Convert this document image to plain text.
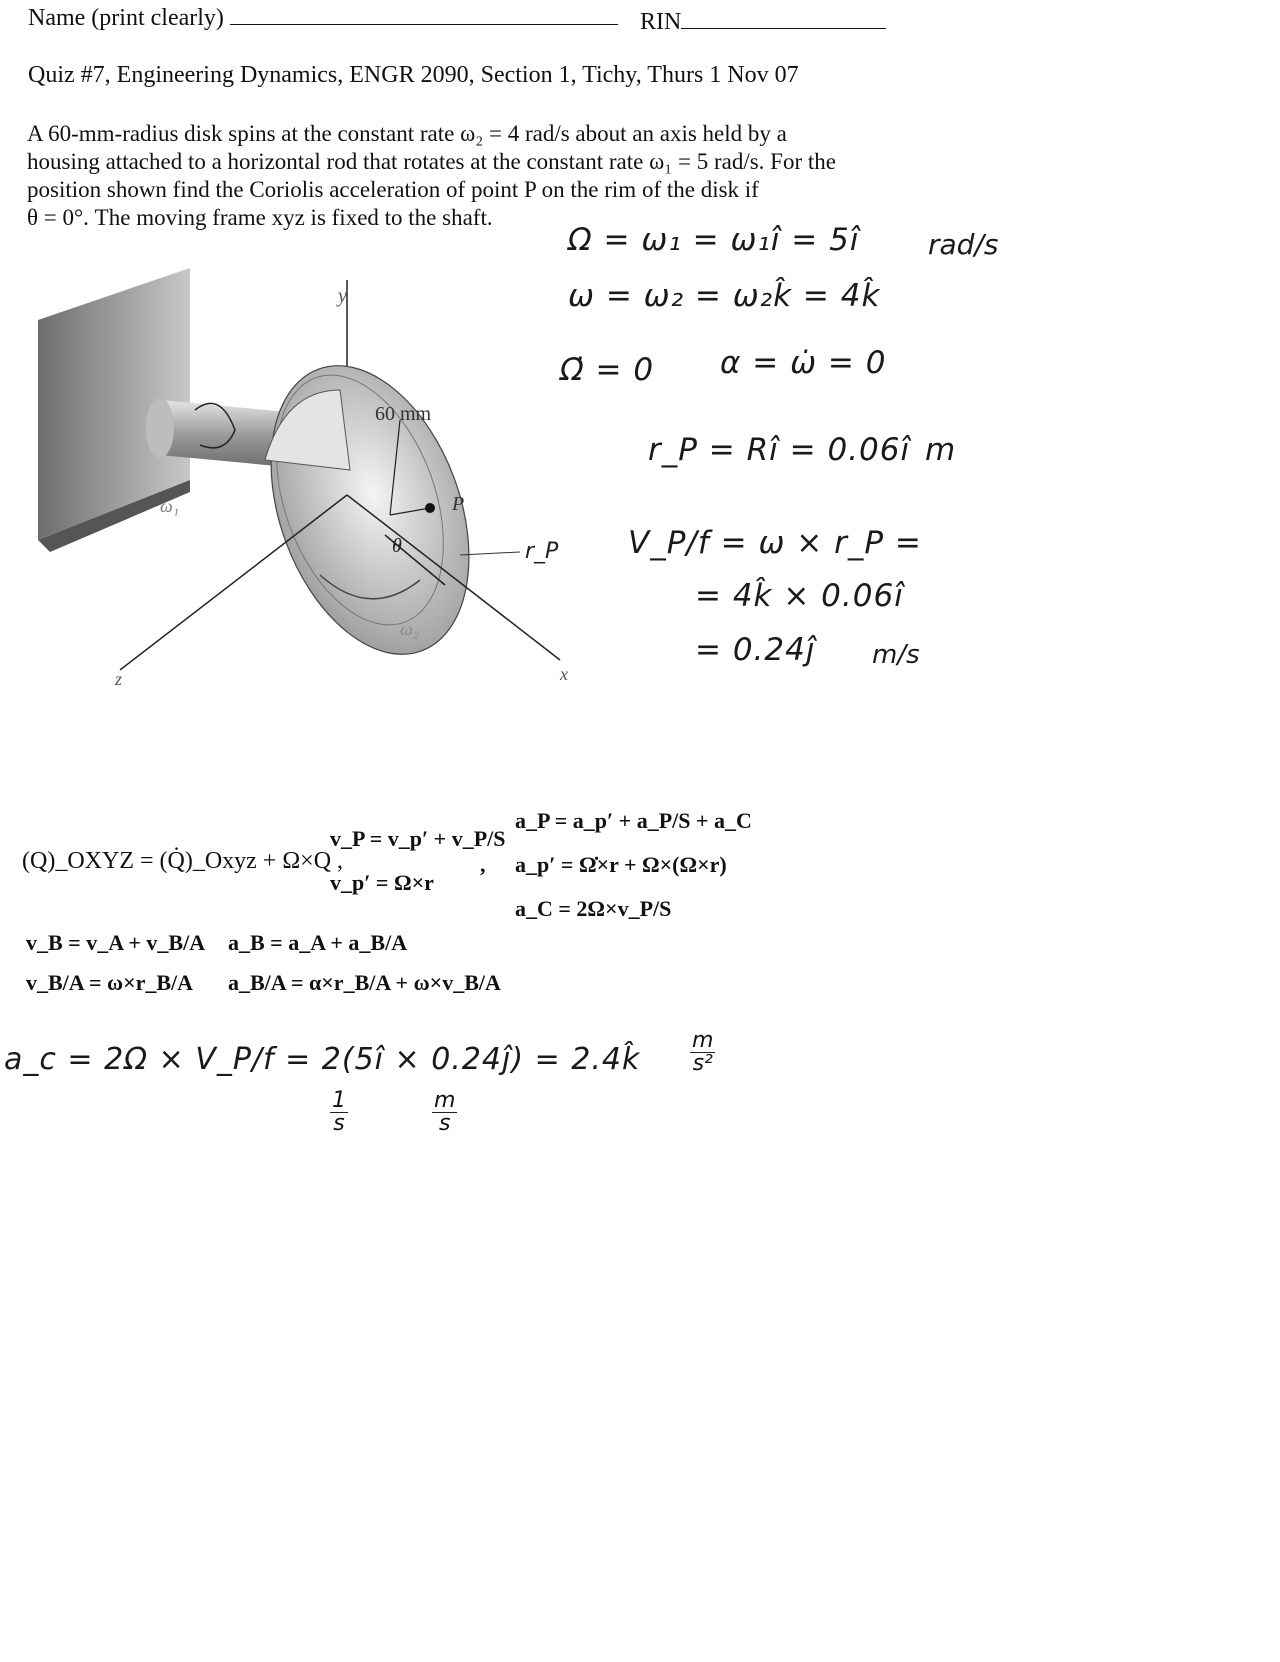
Name (print clearly)	RIN
Quiz #7, Engineering Dynamics, ENGR 2090, Section 1, Tichy, Thurs 1 Nov 07
A 60-mm-radius disk spins at the constant rate ω₂ = 4 rad/s about an axis held by a
housing attached to a horizontal rod that rotates at the constant rate ω₁ = 5 rad/s. For the
position shown find the Coriolis acceleration of point P on the rim of the disk if
θ = 0°. The moving frame xyz is fixed to the shaft.
y
x
z
ω₁
ω₂
60 mm
P
θ	r_P
Ω = ω₁ = ω₁î = 5î rad/s
ω = ω₂ = ω₂k̂ = 4k̂
Ω̇ = 0 α = ω̇ = 0
r_P = Rî = 0.06î m
V_P/f = ω × r_P =
= 4k̂ × 0.06î
= 0.24ĵ m/s
(Q)_OXYZ = (Q̇)_Oxyz + Ω×Q ,
v_P = v_p′ + v_P/S
v_p′ = Ω×r
,
a_P = a_p′ + a_P/S + a_C
a_p′ = Ω̇×r + Ω×(Ω×r)
a_C = 2Ω×v_P/S
v_B = v_A + v_B/A
v_B/A = ω×r_B/A
a_B = a_A + a_B/A
a_B/A = α×r_B/A + ω×v_B/A
a_c = 2Ω × V_P/f = 2(5î × 0.24ĵ) = 2.4k̂ $\frac{m}{\text{s²}}$
$\frac{1}{s}$	$\frac{m}{s}$
